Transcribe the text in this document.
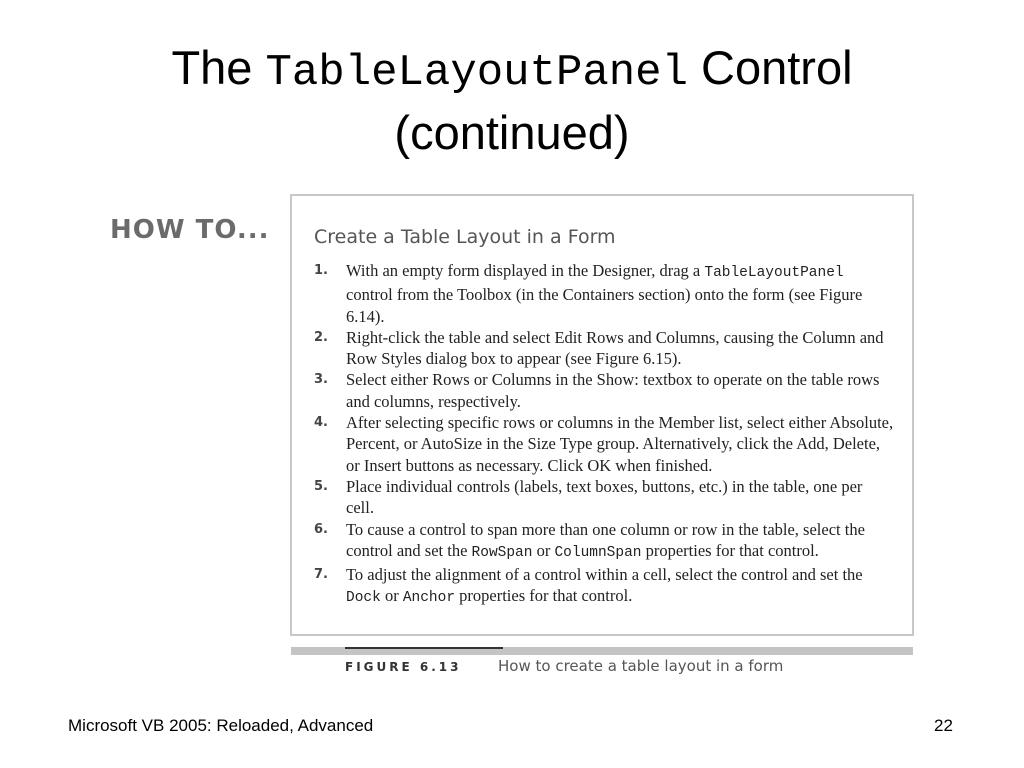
The TableLayoutPanel Control
(continued)
HOW TO... Create a Table Layout in a Form
1.	With an empty form displayed in the Designer, drag a TableLayoutPanel control from the Toolbox (in the Containers section) onto the form (see Figure 6.14).
2.	Right-click the table and select Edit Rows and Columns, causing the Column and Row Styles dialog box to appear (see Figure 6.15).
3.	Select either Rows or Columns in the Show: textbox to operate on the table rows and columns, respectively.
4.	After selecting specific rows or columns in the Member list, select either Absolute, Percent, or AutoSize in the Size Type group. Alternatively, click the Add, Delete, or Insert buttons as necessary. Click OK when finished.
5.	Place individual controls (labels, text boxes, buttons, etc.) in the table, one per cell.
6.	To cause a control to span more than one column or row in the table, select the control and set the RowSpan or ColumnSpan properties for that control.
7.	To adjust the alignment of a control within a cell, select the control and set the Dock or Anchor properties for that control.
FIGURE 6.13 How to create a table layout in a form
Microsoft VB 2005: Reloaded, Advanced	22
